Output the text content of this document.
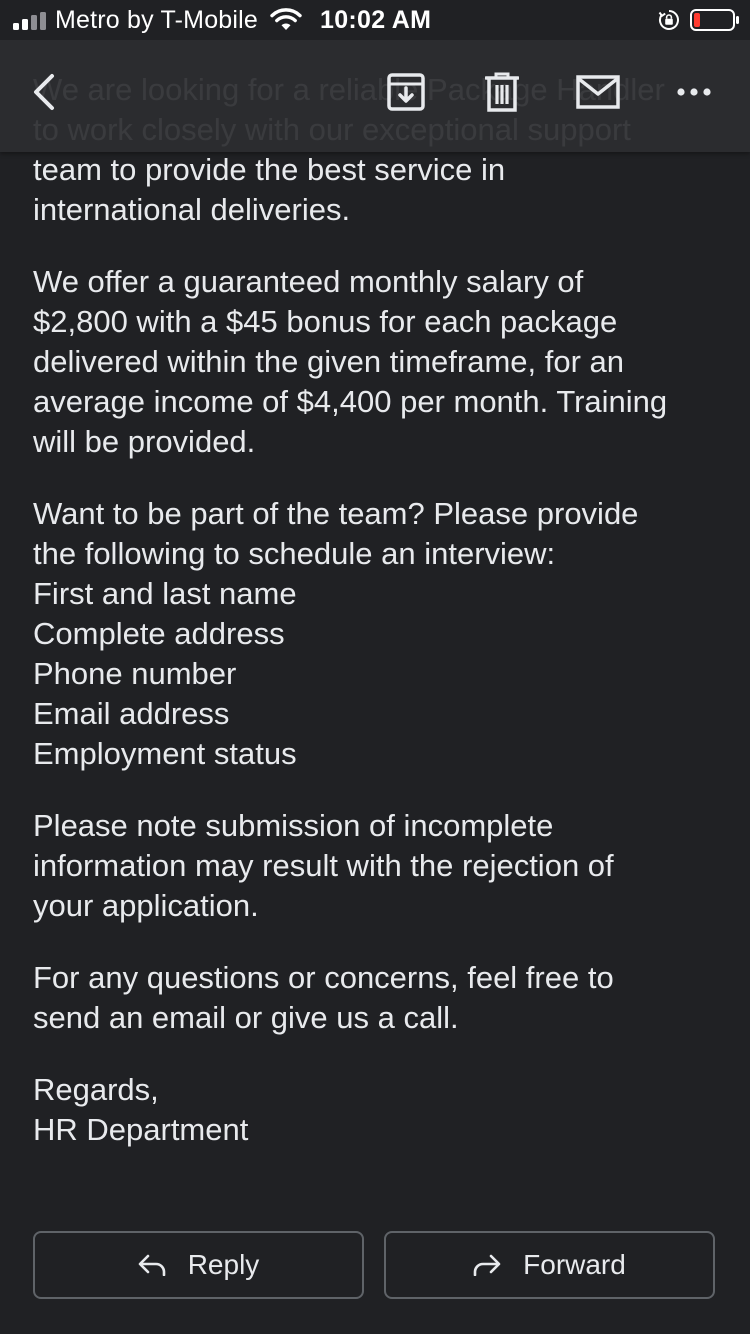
Metro by T-Mobile 10:02 AM

team to provide the best service in
international deliveries.

We offer a guaranteed monthly salary of
$2,800 with a $45 bonus for each package
delivered within the given timeframe, for an
average income of $4,400 per month. Training
will be provided.

Want to be part of the team? Please provide
the following to schedule an interview:
First and last name
Complete address
Phone number
Email address
Employment status

Please note submission of incomplete
information may result with the rejection of
your application.

For any questions or concerns, feel free to
send an email or give us a call.

Regards,
HR Department

Reply	Forward
